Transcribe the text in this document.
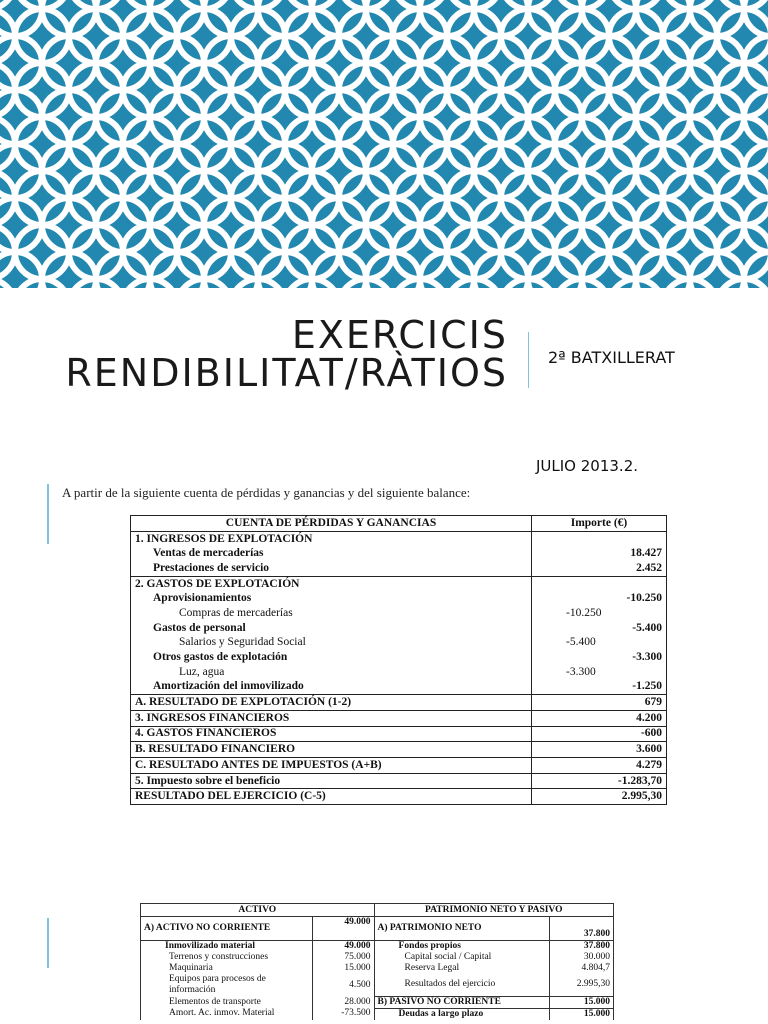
EXERCICIS
RENDIBILITAT/RÀTIOS	2ª BATXILLERAT
JULIO 2013.2.
A partir de la siguiente cuenta de pérdidas y ganancias y del siguiente balance:
CUENTA DE PÉRDIDAS Y GANANCIAS	Importe (€)
1. INGRESOS DE EXPLOTACIÓN	
Ventas de mercaderías	18.427
Prestaciones de servicio	2.452
2. GASTOS DE EXPLOTACIÓN	
Aprovisionamientos	-10.250
Compras de mercaderías	-10.250
Gastos de personal	-5.400
Salarios y Seguridad Social	-5.400
Otros gastos de explotación	-3.300
Luz, agua	-3.300
Amortización del inmovilizado	-1.250
A. RESULTADO DE EXPLOTACIÓN (1-2)	679
3. INGRESOS FINANCIEROS	4.200
4. GASTOS FINANCIEROS	-600
B. RESULTADO FINANCIERO	3.600
C. RESULTADO ANTES DE IMPUESTOS (A+B)	4.279
5. Impuesto sobre el beneficio	-1.283,70
RESULTADO DEL EJERCICIO (C-5)	2.995,30
ACTIVO		PATRIMONIO NETO Y PASIVO	
A) ACTIVO NO CORRIENTE	49.000	A) PATRIMONIO NETO	37.800
Inmovilizado material	49.000	Fondos propios	37.800
Terrenos y construcciones	75.000	Capital social / Capital	30.000
Maquinaria	15.000	Reserva Legal	4.804,7
Equipos para procesos de
información	4.500	Resultados del ejercicio	2.995,30
Elementos de transporte	28.000	B) PASIVO NO CORRIENTE	15.000
Amort. Ac. inmov. Material	-73.500	Deudas a largo plazo	15.000
